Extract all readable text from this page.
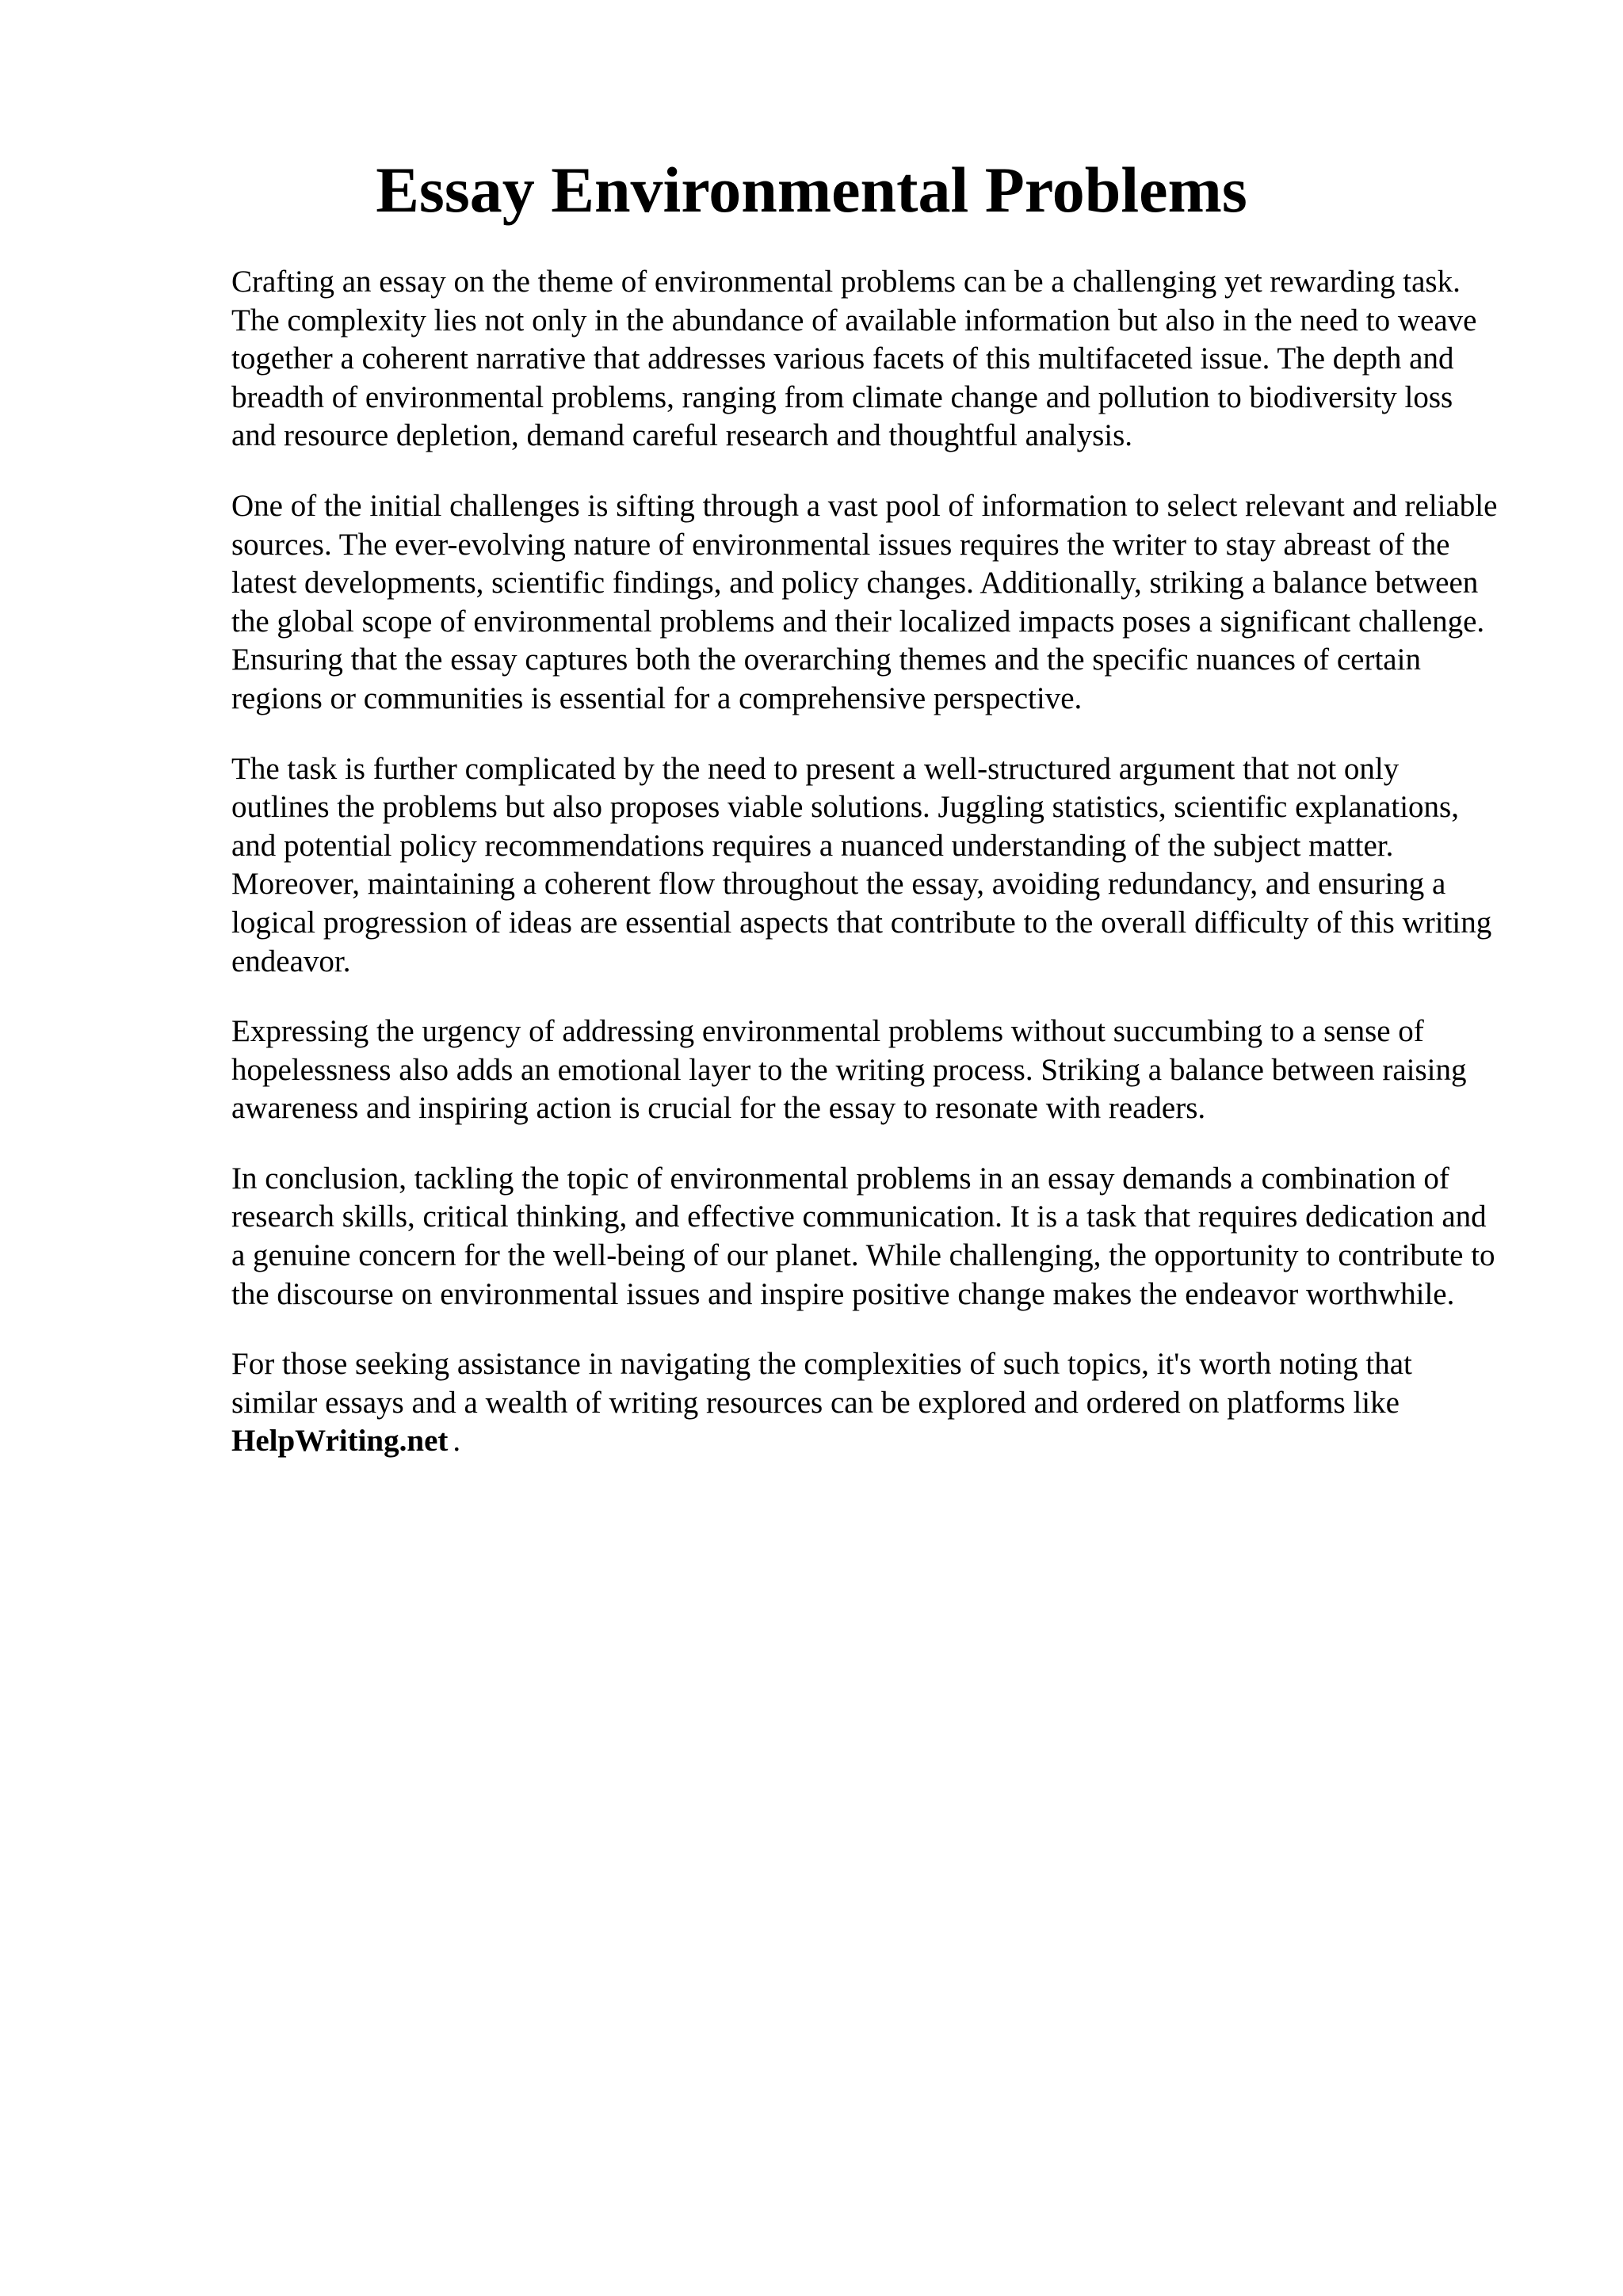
Essay Environmental Problems

Crafting an essay on the theme of environmental problems can be a challenging yet rewarding task. The complexity lies not only in the abundance of available information but also in the need to weave together a coherent narrative that addresses various facets of this multifaceted issue. The depth and breadth of environmental problems, ranging from climate change and pollution to biodiversity loss and resource depletion, demand careful research and thoughtful analysis.

One of the initial challenges is sifting through a vast pool of information to select relevant and reliable sources. The ever-evolving nature of environmental issues requires the writer to stay abreast of the latest developments, scientific findings, and policy changes. Additionally, striking a balance between the global scope of environmental problems and their localized impacts poses a significant challenge. Ensuring that the essay captures both the overarching themes and the specific nuances of certain regions or communities is essential for a comprehensive perspective.

The task is further complicated by the need to present a well-structured argument that not only outlines the problems but also proposes viable solutions. Juggling statistics, scientific explanations, and potential policy recommendations requires a nuanced understanding of the subject matter. Moreover, maintaining a coherent flow throughout the essay, avoiding redundancy, and ensuring a logical progression of ideas are essential aspects that contribute to the overall difficulty of this writing endeavor.

Expressing the urgency of addressing environmental problems without succumbing to a sense of hopelessness also adds an emotional layer to the writing process. Striking a balance between raising awareness and inspiring action is crucial for the essay to resonate with readers.

In conclusion, tackling the topic of environmental problems in an essay demands a combination of research skills, critical thinking, and effective communication. It is a task that requires dedication and a genuine concern for the well-being of our planet. While challenging, the opportunity to contribute to the discourse on environmental issues and inspire positive change makes the endeavor worthwhile.

For those seeking assistance in navigating the complexities of such topics, it's worth noting that similar essays and a wealth of writing resources can be explored and ordered on platforms like
HelpWriting.net .
